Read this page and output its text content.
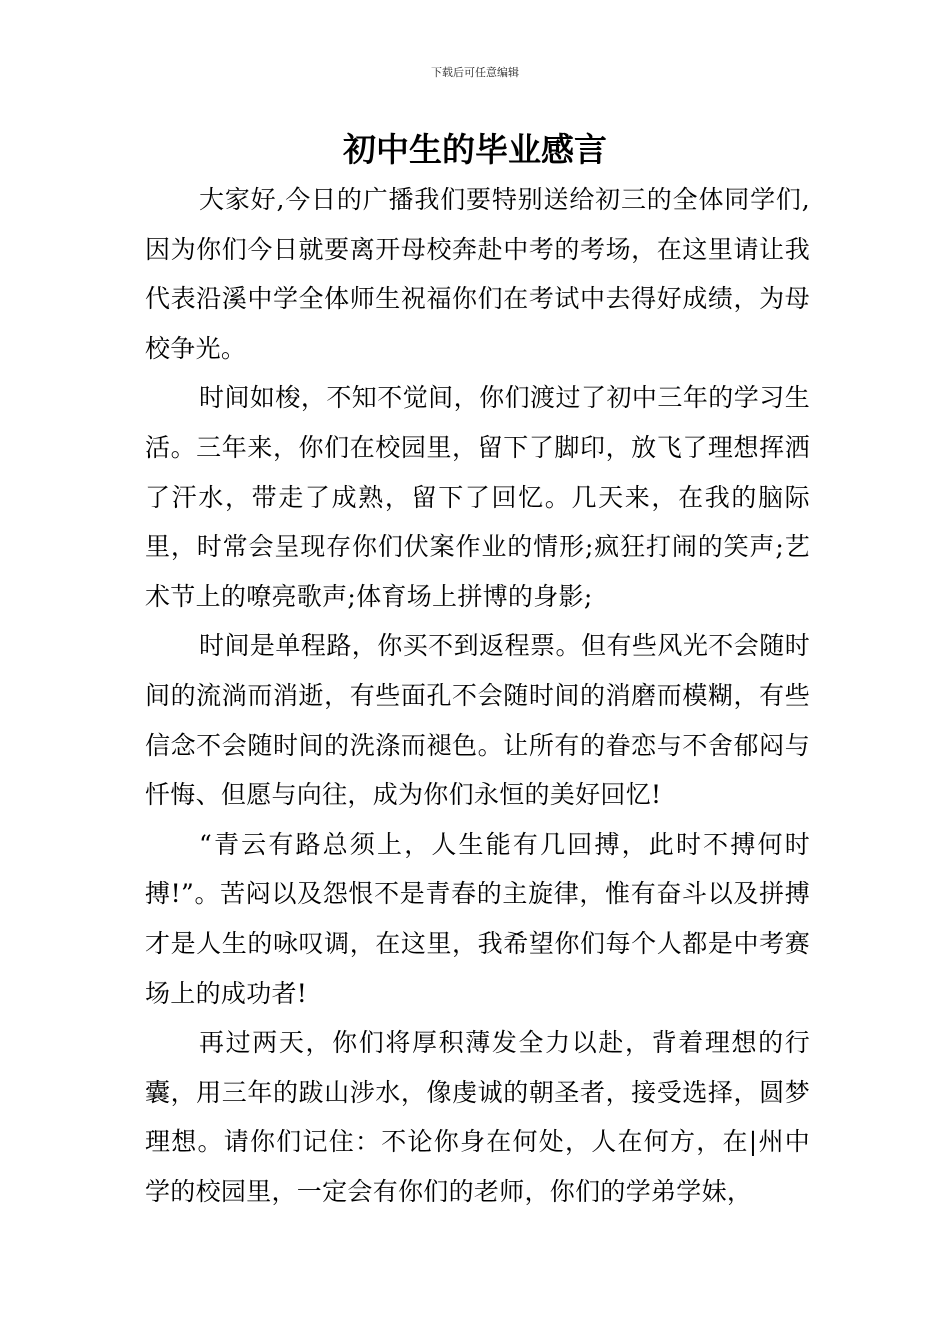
下载后可任意编辑
初中生的毕业感言

大家好,今日的广播我们要特别送给初三的全体同学们,因为你们今日就要离开母校奔赴中考的考场，在这里请让我代表沿溪中学全体师生祝福你们在考试中去得好成绩，为母校争光。

时间如梭，不知不觉间，你们渡过了初中三年的学习生活。三年来，你们在校园里，留下了脚印，放飞了理想挥洒了汗水，带走了成熟，留下了回忆。几天来，在我的脑际里，时常会呈现存你们伏案作业的情形;疯狂打闹的笑声;艺术节上的嘹亮歌声;体育场上拼博的身影;

时间是单程路，你买不到返程票。但有些风光不会随时间的流淌而消逝，有些面孔不会随时间的消磨而模糊，有些信念不会随时间的洗涤而褪色。让所有的眷恋与不舍郁闷与忏悔、但愿与向往，成为你们永恒的美好回忆!

“青云有路总须上，人生能有几回搏，此时不搏何时搏!”。苦闷以及怨恨不是青春的主旋律，惟有奋斗以及拼搏才是人生的咏叹调，在这里，我希望你们每个人都是中考赛场上的成功者!

再过两天，你们将厚积薄发全力以赴，背着理想的行囊，用三年的跋山涉水，像虔诚的朝圣者，接受选择，圆梦理想。请你们记住：不论你身在何处，人在何方，在|州中学的校园里，一定会有你们的老师，你们的学弟学妹，
